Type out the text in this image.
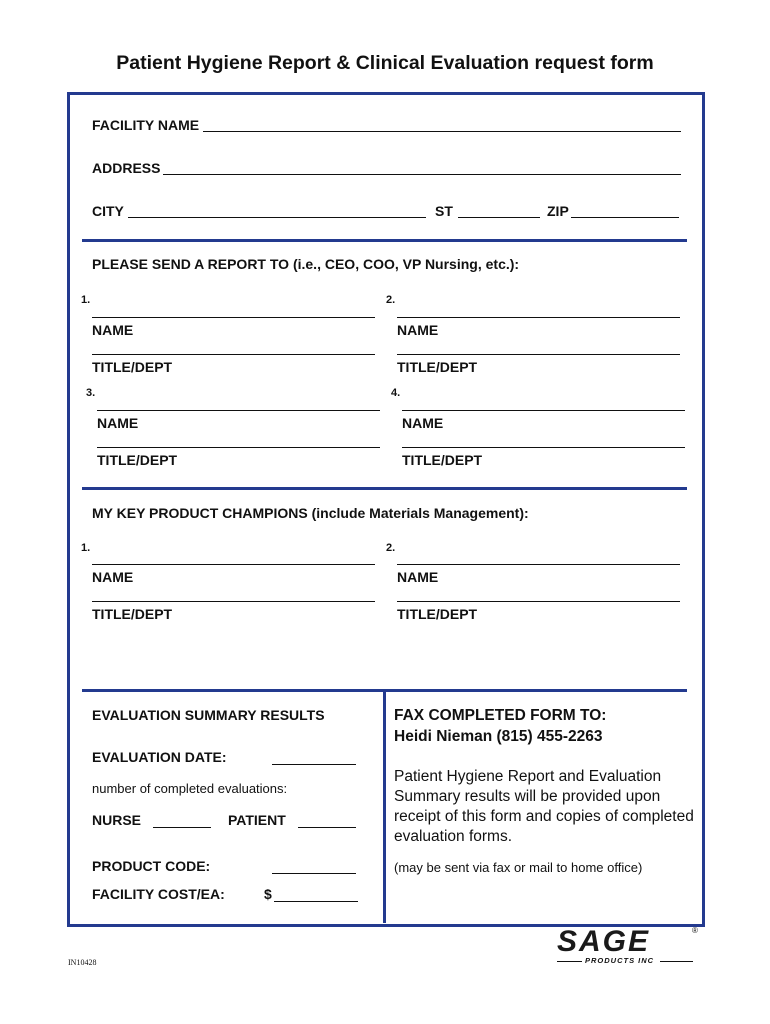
Patient Hygiene Report & Clinical Evaluation request form
FACILITY NAME
ADDRESS
CITY	ST	ZIP
PLEASE SEND A REPORT TO (i.e., CEO, COO, VP Nursing, etc.):
1.
NAME
TITLE/DEPT
2.
NAME
TITLE/DEPT
3.
NAME
TITLE/DEPT
4.
NAME
TITLE/DEPT
MY KEY PRODUCT CHAMPIONS (include Materials Management):
1.
NAME
TITLE/DEPT
2.
NAME
TITLE/DEPT
EVALUATION SUMMARY RESULTS
EVALUATION DATE:
number of completed evaluations:
NURSE	PATIENT
PRODUCT CODE:
FACILITY COST/EA:	$
FAX COMPLETED FORM TO:
Heidi Nieman (815) 455-2263
Patient Hygiene Report and Evaluation Summary results will be provided upon receipt of this form and copies of completed evaluation forms.
(may be sent via fax or mail to home office)
IN10428
SAGE	®
PRODUCTS INC
